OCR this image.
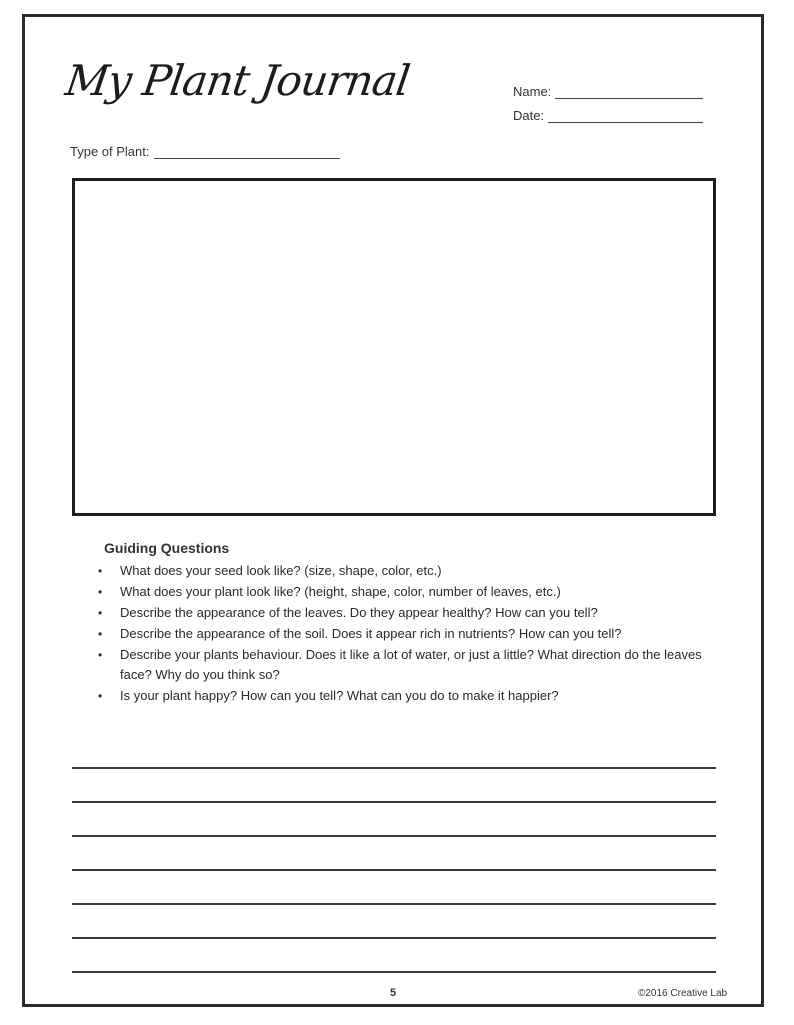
My Plant Journal	Name:
Date:
Type of Plant:
Guiding Questions
• What does your seed look like? (size, shape, color, etc.)
• What does your plant look like? (height, shape, color, number of leaves, etc.)
• Describe the appearance of the leaves. Do they appear healthy? How can you tell?
• Describe the appearance of the soil. Does it appear rich in nutrients? How can you tell?
• Describe your plants behaviour. Does it like a lot of water, or just a little? What direction do the leaves face? Why do you think so?
• Is your plant happy? How can you tell? What can you do to make it happier?
5	©2016 Creative Lab
